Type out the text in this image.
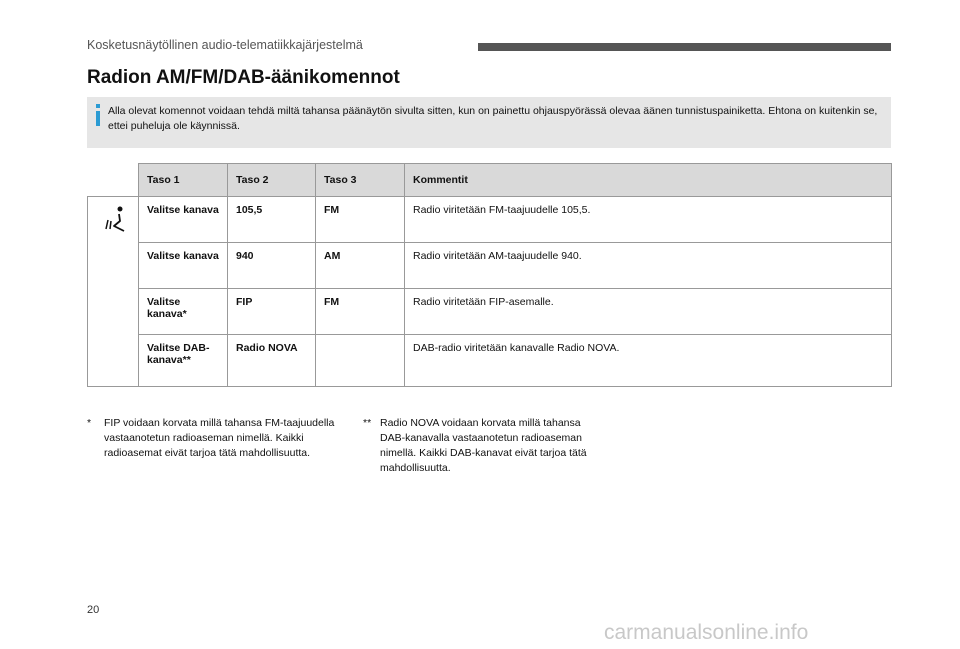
Kosketusnäytöllinen audio-telematiikkajärjestelmä
Radion AM/FM/DAB-äänikomennot
Alla olevat komennot voidaan tehdä miltä tahansa päänäytön sivulta sitten, kun on painettu ohjauspyörässä olevaa äänen tunnistuspainiketta. Ehtona on kuitenkin se, ettei puheluja ole käynnissä.
	Taso 1	Taso 2	Taso 3	Kommentit
	Valitse kanava	105,5	FM	Radio viritetään FM-taajuudelle 105,5.
	Valitse kanava	940	AM	Radio viritetään AM-taajuudelle 940.
	Valitse kanava*	FIP	FM	Radio viritetään FIP-asemalle.
	Valitse DAB-kanava**	Radio NOVA		DAB-radio viritetään kanavalle Radio NOVA.
* FIP voidaan korvata millä tahansa FM-taajuudella vastaanotetun radioaseman nimellä. Kaikki radioasemat eivät tarjoa tätä mahdollisuutta.
** Radio NOVA voidaan korvata millä tahansa DAB-kanavalla vastaanotetun radioaseman nimellä. Kaikki DAB-kanavat eivät tarjoa tätä mahdollisuutta.
20
carmanualsonline.info
